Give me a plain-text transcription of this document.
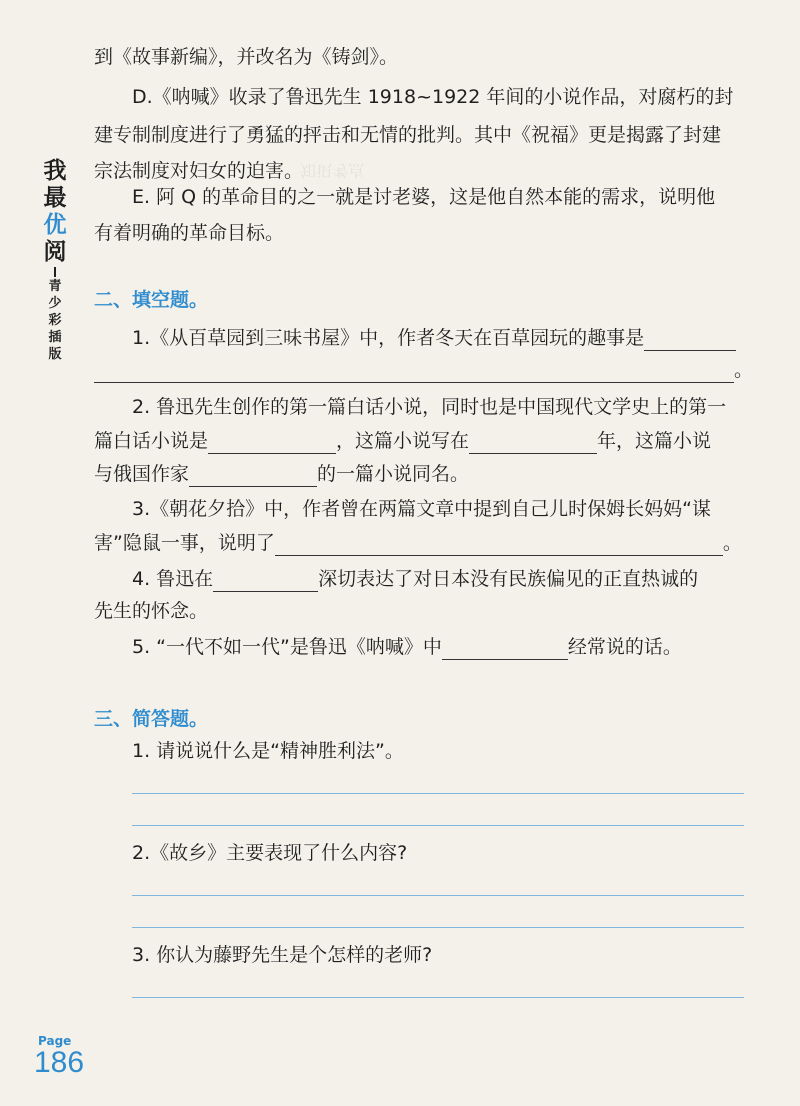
知识考点
我
最
优
阅
青
少
彩
插
版
到《故事新编》，并改名为《铸剑》。
D.《呐喊》收录了鲁迅先生 1918~1922 年间的小说作品，对腐朽的封
建专制制度进行了勇猛的抨击和无情的批判。其中《祝福》更是揭露了封建
宗法制度对妇女的迫害。
E. 阿 Q 的革命目的之一就是讨老婆，这是他自然本能的需求，说明他
有着明确的革命目标。
二、填空题。
1.《从百草园到三味书屋》中，作者冬天在百草园玩的趣事是
。
2. 鲁迅先生创作的第一篇白话小说，同时也是中国现代文学史上的第一
篇白话小说是	，这篇小说写在	年，这篇小说
与俄国作家	的一篇小说同名。
3.《朝花夕拾》中，作者曾在两篇文章中提到自己儿时保姆长妈妈“谋
害”隐鼠一事，说明了	。
4. 鲁迅在	深切表达了对日本没有民族偏见的正直热诚的
先生的怀念。
5. “一代不如一代”是鲁迅《呐喊》中	经常说的话。
三、简答题。
1. 请说说什么是“精神胜利法”。
2.《故乡》主要表现了什么内容?
3. 你认为藤野先生是个怎样的老师?
Page
186
